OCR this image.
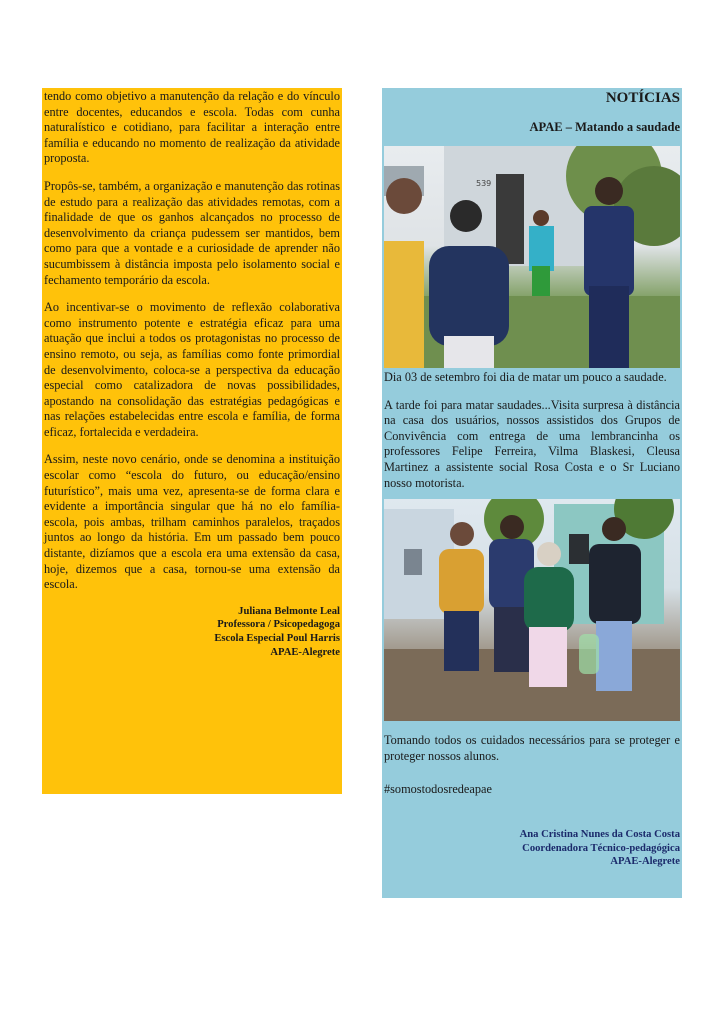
tendo como objetivo a manutenção da relação e do vínculo entre docentes, educandos e escola. Todas com cunha naturalístico e cotidiano, para facilitar a interação entre família e educando no momento de realização da atividade proposta.

Propôs-se, também, a organização e manutenção das rotinas de estudo para a realização das atividades remotas, com a finalidade de que os ganhos alcançados no processo de desenvolvimento da criança pudessem ser mantidos, bem como para que a vontade e a curiosidade de aprender não sucumbissem à distância imposta pelo isolamento social e fechamento temporário da escola.

Ao incentivar-se o movimento de reflexão colaborativa como instrumento potente e estratégia eficaz para uma atuação que inclui a todos os protagonistas no processo de ensino remoto, ou seja, as famílias como fonte primordial de desenvolvimento, coloca-se a perspectiva da educação especial como catalizadora de novas possibilidades, apostando na consolidação das estratégias pedagógicas e nas relações estabelecidas entre escola e família, de forma eficaz, fortalecida e verdadeira.

Assim, neste novo cenário, onde se denomina a instituição escolar como “escola do futuro, ou educação/ensino futurístico”, mais uma vez, apresenta-se de forma clara e evidente a importância singular que há no elo família-escola, pois ambas, trilham caminhos paralelos, traçados juntos ao longo da história. Em um passado bem pouco distante, dizíamos que a escola era uma extensão da casa, hoje, dizemos que a casa, tornou-se uma extensão da escola.

Juliana Belmonte Leal
Professora / Psicopedagoga
Escola Especial Poul Harris
APAE-Alegrete
NOTÍCIAS
APAE – Matando a saudade
539

Dia 03 de setembro foi dia de matar um pouco a saudade.

A tarde foi para matar saudades...Visita surpresa à distância na casa dos usuários, nossos assistidos dos Grupos de Convivência com entrega de uma lembrancinha os professores Felipe Ferreira, Vilma Blaskesi, Cleusa Martinez a assistente social Rosa Costa e o Sr Luciano nosso motorista.

Tomando todos os cuidados necessários para se proteger e proteger nossos alunos.

#somostodosredeapae

Ana Cristina Nunes da Costa Costa
Coordenadora Técnico-pedagógica
APAE-Alegrete
